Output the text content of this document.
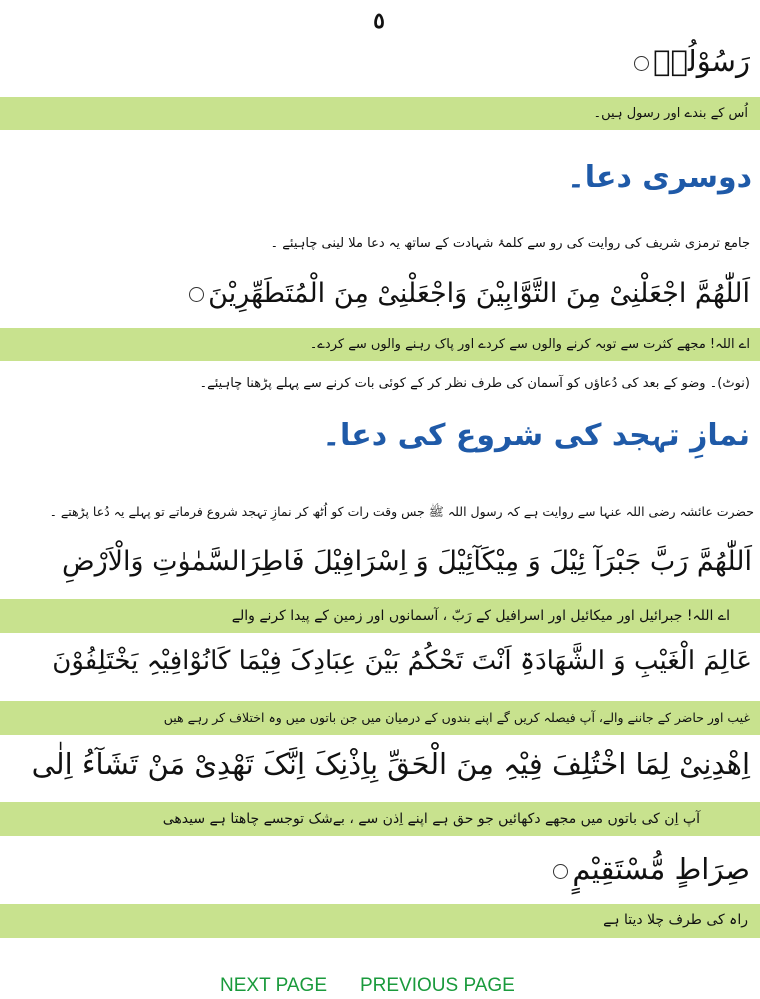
٥
رَسُوْلُہٗ
اُس کے بندے اور رسول ہیں۔
دوسری دعا۔
جامع ترمزی شریف کی روایت کی رو سے کلمۂ شہادت کے ساتھ یہ دعا ملا لینی چاہیئے ۔
اَللّٰھُمَّ اجْعَلْنِیْ مِنَ التَّوَّابِیْنَ وَاجْعَلْنِیْ مِنَ الْمُتَطَھِّرِیْنَ
اے اللہ! مجھے کثرت سے توبہ کرنے والوں سے کردے اور پاک رہنے والوں سے کردے۔
(نوٹ)۔ وضو کے بعد کی دُعاؤں کو آسمان کی طرف نظر کر کے کوئی بات کرنے سے پہلے پڑھنا چاہیئے۔
نمازِ تہجد کی شروع کی دعا۔
حضرت عائشہ رضی اللہ عنہا سے روایت ہے کہ رسول اللہ ﷺ جس وقت رات کو اُٹھ کر نمازِ تہجد شروع فرماتے تو پہلے یہ دُعا پڑھتے ۔
اَللّٰھُمَّ رَبَّ جَبْرَآ ئِیْلَ وَ مِیْکَآئِیْلَ وَ اِسْرَافِیْلَ فَاطِرَالسَّمٰوٰتِ وَالْاَرْضِ
اے اللہ! جبرائیل اور میکائیل اور اسرافیل کے رَبّ ، آسمانوں اور زمین کے پیدا کرنے والے
عَالِمَ الْغَیْبِ وَ الشَّھَادَۃِ اَنْتَ تَحْکُمُ بَیْنَ عِبَادِکَ فِیْمَا کَانُوْافِیْہِ یَخْتَلِفُوْنَ
غیب اور حاضر کے جاننے والے، آپ فیصلہ کریں گے اپنے بندوں کے درمیان میں جن باتوں میں وہ اختلاف کر رہے ھیں
اِھْدِنِیْ لِمَا اخْتُلِفَ فِیْہِ مِنَ الْحَقِّ بِاِذْنِکَ اِنَّکَ تَھْدِیْ مَنْ تَشَآءُ اِلٰی
آپ اِن کی باتوں میں مجھے دکھائیں جو حق ہے اپنے اِذن سے ، بےشک توجسے چاھتا ہے سیدھی
صِرَاطٍ مُّسْتَقِیْمٍ
راہ کی طرف چلا دیتا ہے
NEXT PAGE PREVIOUS PAGE
